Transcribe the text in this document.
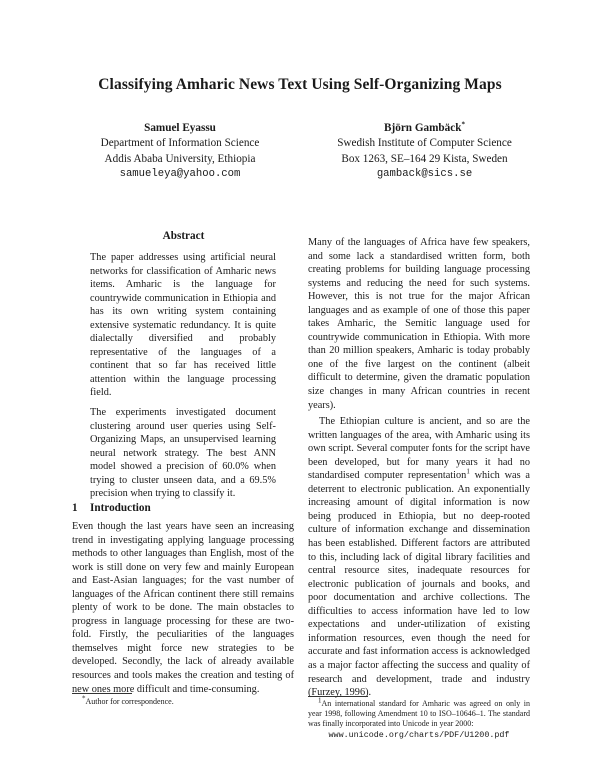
Classifying Amharic News Text Using Self-Organizing Maps
Samuel Eyassu
Department of Information Science
Addis Ababa University, Ethiopia
samueleya@yahoo.com
Björn Gambäck*
Swedish Institute of Computer Science
Box 1263, SE–164 29 Kista, Sweden
gamback@sics.se
Abstract

The paper addresses using artificial neural networks for classification of Amharic news items. Amharic is the language for countrywide communication in Ethiopia and has its own writing system containing extensive systematic redundancy. It is quite dialectally diversified and probably representative of the languages of a continent that so far has received little attention within the language processing field.

The experiments investigated document clustering around user queries using Self-Organizing Maps, an unsupervised learning neural network strategy. The best ANN model showed a precision of 60.0% when trying to cluster unseen data, and a 69.5% precision when trying to classify it.

1 Introduction

Even though the last years have seen an increasing trend in investigating applying language processing methods to other languages than English, most of the work is still done on very few and mainly European and East-Asian languages; for the vast number of languages of the African continent there still remains plenty of work to be done. The main obstacles to progress in language processing for these are two-fold. Firstly, the peculiarities of the languages themselves might force new strategies to be developed. Secondly, the lack of already available resources and tools makes the creation and testing of new ones more difficult and time-consuming.

*Author for correspondence.

Many of the languages of Africa have few speakers, and some lack a standardised written form, both creating problems for building language processing systems and reducing the need for such systems. However, this is not true for the major African languages and as example of one of those this paper takes Amharic, the Semitic language used for countrywide communication in Ethiopia. With more than 20 million speakers, Amharic is today probably one of the five largest on the continent (albeit difficult to determine, given the dramatic population size changes in many African countries in recent years).

The Ethiopian culture is ancient, and so are the written languages of the area, with Amharic using its own script. Several computer fonts for the script have been developed, but for many years it had no standardised computer representation$^1$ which was a deterrent to electronic publication. An exponentially increasing amount of digital information is now being produced in Ethiopia, but no deep-rooted culture of information exchange and dissemination has been established. Different factors are attributed to this, including lack of digital library facilities and central resource sites, inadequate resources for electronic publication of journals and books, and poor documentation and archive collections. The difficulties to access information have led to low expectations and under-utilization of existing information resources, even though the need for accurate and fast information access is acknowledged as a major factor affecting the success and quality of research and development, trade and industry (Furzey, 1996).

$^1$An international standard for Amharic was agreed on only in year 1998, following Amendment 10 to ISO–10646–1. The standard was finally incorporated into Unicode in year 2000:
www.unicode.org/charts/PDF/U1200.pdf
